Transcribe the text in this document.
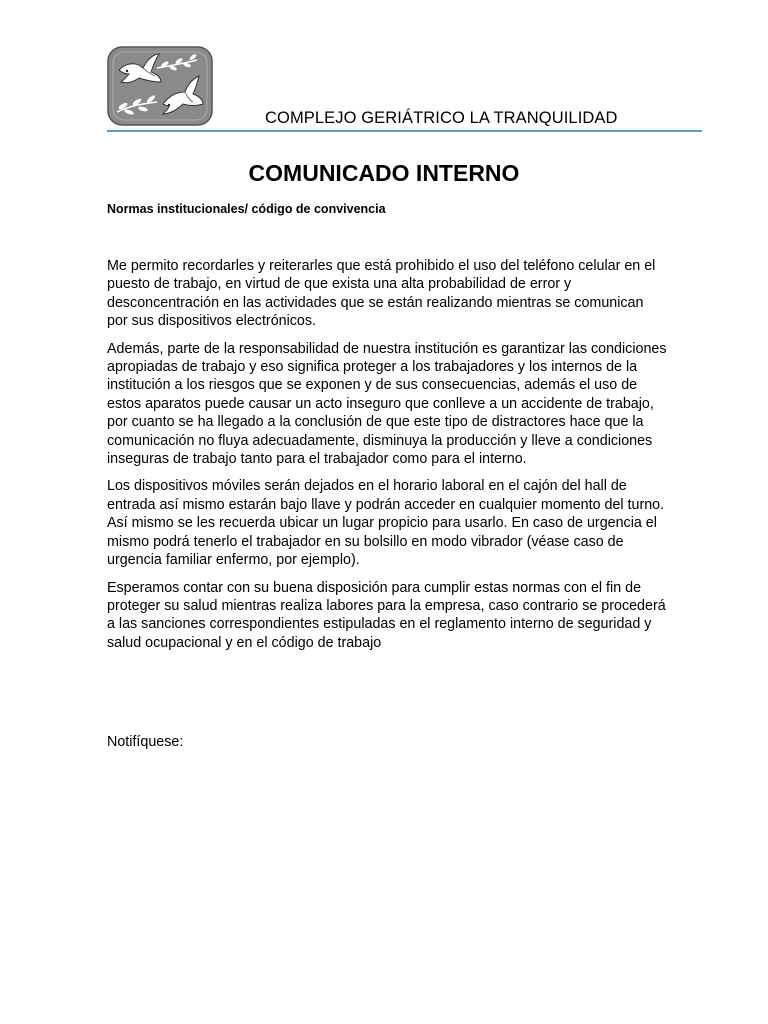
COMPLEJO GERIÁTRICO LA TRANQUILIDAD
COMUNICADO INTERNO
Normas institucionales/ código de convivencia

Me permito recordarles y reiterarles que está prohibido el uso del teléfono celular en el puesto de trabajo, en virtud de que exista una alta probabilidad de error y desconcentración en las actividades que se están realizando mientras se comunican por sus dispositivos electrónicos.

Además, parte de la responsabilidad de nuestra institución es garantizar las condiciones apropiadas de trabajo y eso significa proteger a los trabajadores y los internos de la institución a los riesgos que se exponen y de sus consecuencias, además el uso de estos aparatos puede causar un acto inseguro que conlleve a un accidente de trabajo, por cuanto se ha llegado a la conclusión de que este tipo de distractores hace que la comunicación no fluya adecuadamente, disminuya la producción y lleve a condiciones inseguras de trabajo tanto para el trabajador como para el interno.

Los dispositivos móviles serán dejados en el horario laboral en el cajón del hall de entrada así mismo estarán bajo llave y podrán acceder en cualquier momento del turno. Así mismo se les recuerda ubicar un lugar propicio para usarlo. En caso de urgencia el mismo podrá tenerlo el trabajador en su bolsillo en modo vibrador (véase caso de urgencia familiar enfermo, por ejemplo).

Esperamos contar con su buena disposición para cumplir estas normas con el fin de proteger su salud mientras realiza labores para la empresa, caso contrario se procederá a las sanciones correspondientes estipuladas en el reglamento interno de seguridad y salud ocupacional y en el código de trabajo

Notifíquese:
